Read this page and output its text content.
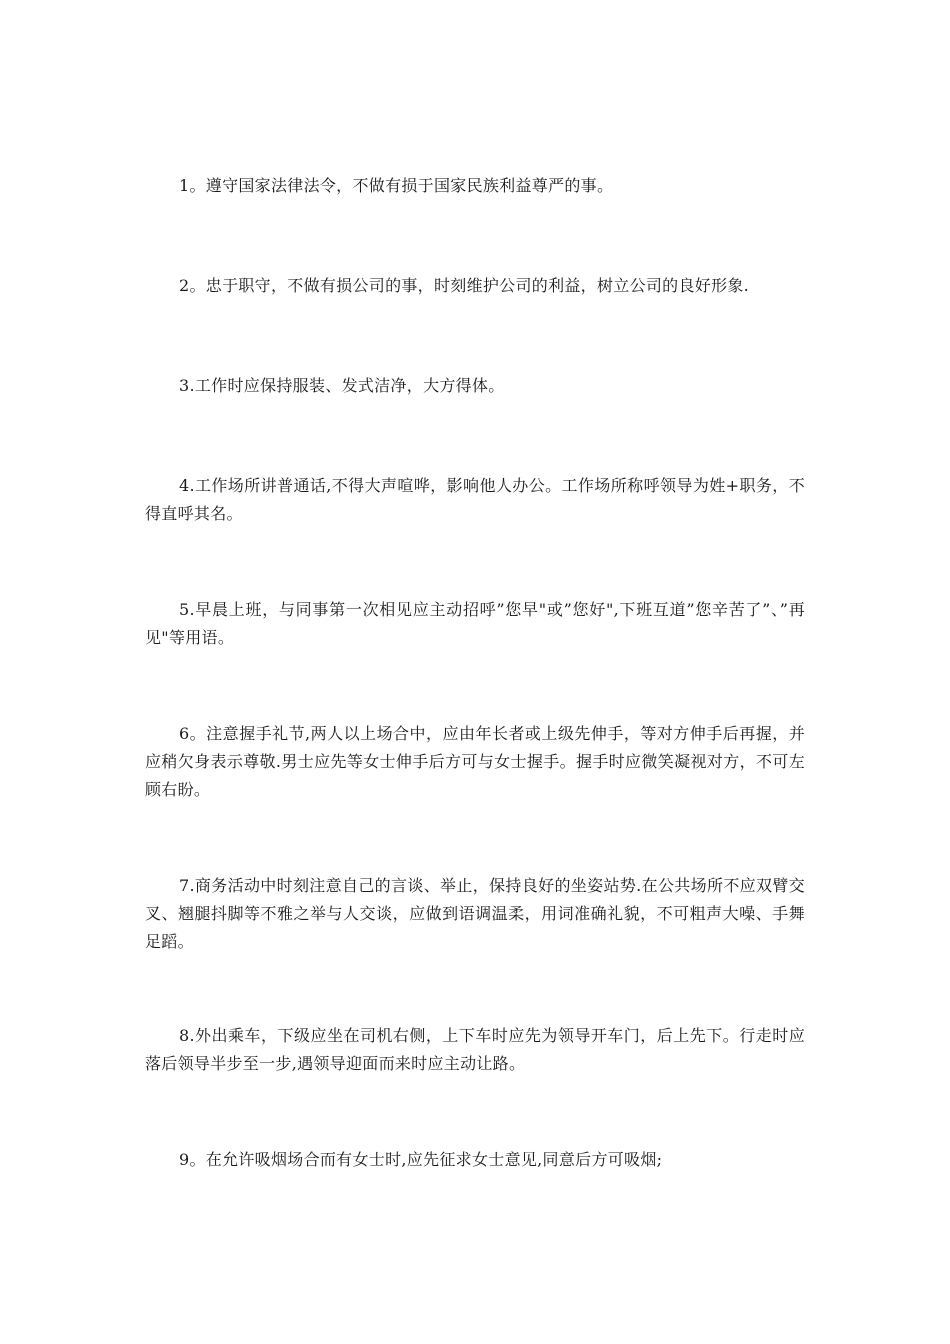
1。遵守国家法律法令，不做有损于国家民族利益尊严的事。

2。忠于职守，不做有损公司的事，时刻维护公司的利益，树立公司的良好形象.

3.工作时应保持服装、发式洁净，大方得体。

4.工作场所讲普通话,不得大声喧哗，影响他人办公。工作场所称呼领导为姓+职务，不得直呼其名。

5.早晨上班，与同事第一次相见应主动招呼”您早"或”您好",下班互道”您辛苦了”、”再见"等用语。

6。注意握手礼节,两人以上场合中，应由年长者或上级先伸手，等对方伸手后再握，并应稍欠身表示尊敬.男士应先等女士伸手后方可与女士握手。握手时应微笑凝视对方，不可左顾右盼。

7.商务活动中时刻注意自己的言谈、举止，保持良好的坐姿站势.在公共场所不应双臂交叉、翘腿抖脚等不雅之举与人交谈，应做到语调温柔，用词准确礼貌，不可粗声大噪、手舞足蹈。

8.外出乘车，下级应坐在司机右侧，上下车时应先为领导开车门，后上先下。行走时应落后领导半步至一步,遇领导迎面而来时应主动让路。

9。在允许吸烟场合而有女士时,应先征求女士意见,同意后方可吸烟;
